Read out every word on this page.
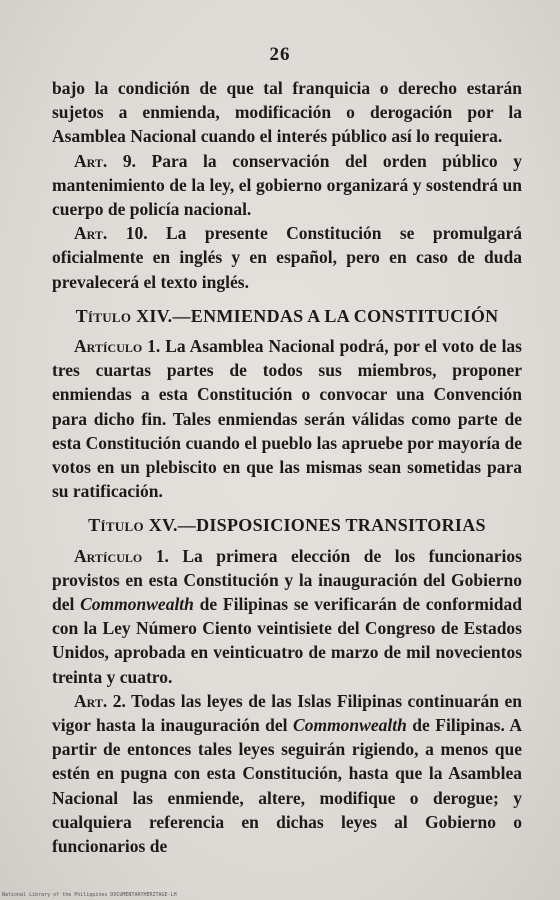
26

bajo la condición de que tal franquicia o derecho estarán sujetos a enmienda, modificación o derogación por la Asamblea Nacional cuando el interés público así lo requiera.

Art. 9. Para la conservación del orden público y mantenimiento de la ley, el gobierno organizará y sostendrá un cuerpo de policía nacional.

Art. 10. La presente Constitución se promulgará oficialmente en inglés y en español, pero en caso de duda prevalecerá el texto inglés.

Título XIV.—ENMIENDAS A LA CONSTITUCIÓN

Artículo 1. La Asamblea Nacional podrá, por el voto de las tres cuartas partes de todos sus miembros, proponer enmiendas a esta Constitución o convocar una Convención para dicho fin. Tales enmiendas serán válidas como parte de esta Constitución cuando el pueblo las apruebe por mayoría de votos en un plebiscito en que las mismas sean sometidas para su ratificación.

Título XV.—DISPOSICIONES TRANSITORIAS

Artículo 1. La primera elección de los funcionarios provistos en esta Constitución y la inauguración del Gobierno del Commonwealth de Filipinas se verificarán de conformidad con la Ley Número Ciento veintisiete del Congreso de Estados Unidos, aprobada en veinticuatro de marzo de mil novecientos treinta y cuatro.

Art. 2. Todas las leyes de las Islas Filipinas continuarán en vigor hasta la inauguración del Commonwealth de Filipinas. A partir de entonces tales leyes seguirán rigiendo, a menos que estén en pugna con esta Constitución, hasta que la Asamblea Nacional las enmiende, altere, modifique o derogue; y cualquiera referencia en dichas leyes al Gobierno o funcionarios de

National Library of the Philippines DOCUMENTARYHERITAGE-LH
